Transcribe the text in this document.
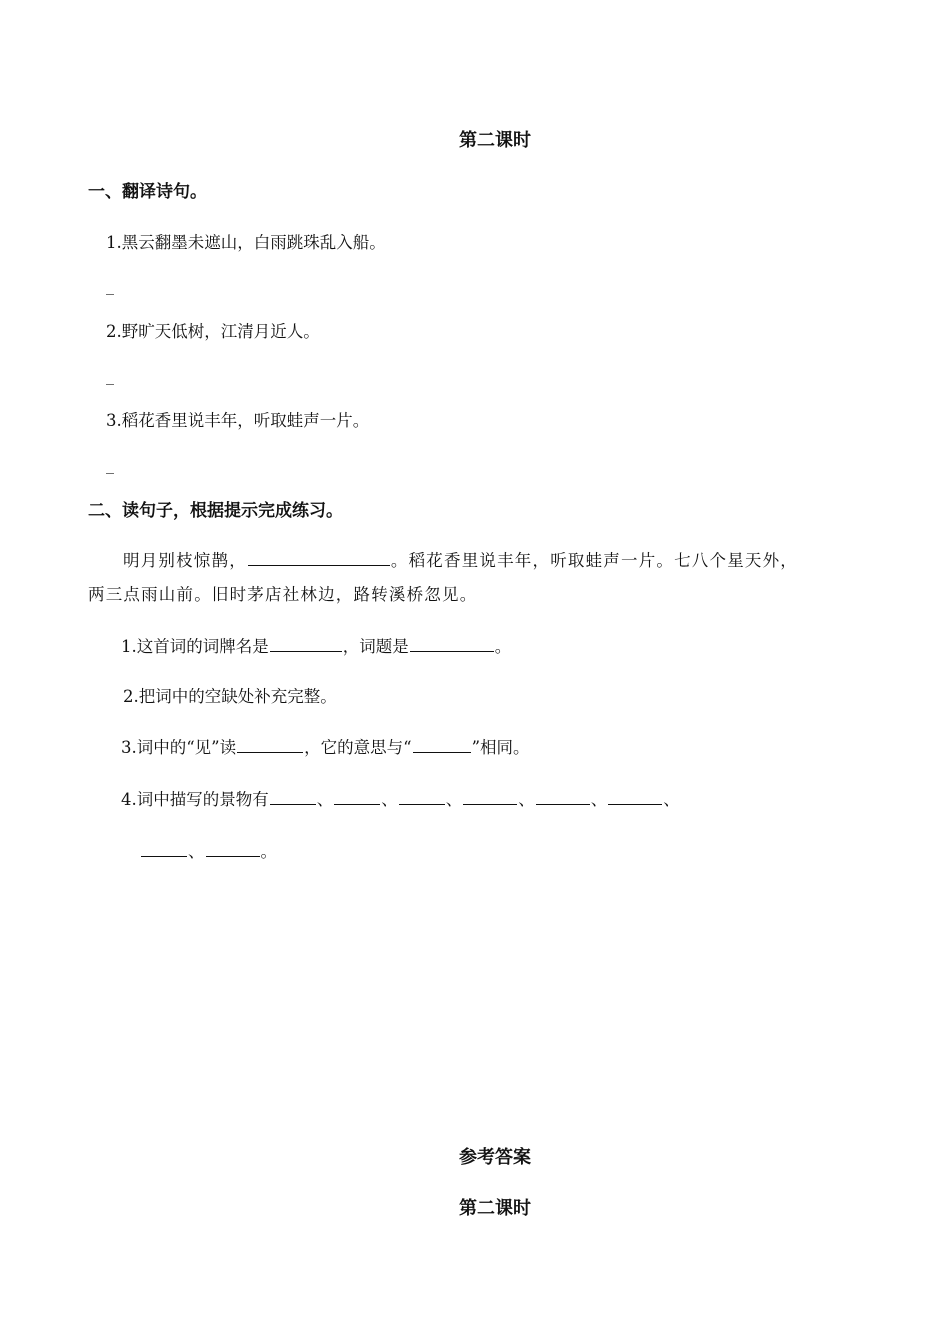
第二课时
一、翻译诗句。
1.黑云翻墨未遮山，白雨跳珠乱入船。
_
2.野旷天低树，江清月近人。
_
3.稻花香里说丰年，听取蛙声一片。
_
二、读句子，根据提示完成练习。
明月别枝惊鹊，	。稻花香里说丰年，听取蛙声一片。七八个星天外，
两三点雨山前。旧时茅店社林边，路转溪桥忽见。
1.这首词的词牌名是	，词题是	。
2.把词中的空缺处补充完整。
3.词中的“见”读	，它的意思与“	”相同。
4.词中描写的景物有	、	、	、	、	、	、
、	。
参考答案
第二课时
